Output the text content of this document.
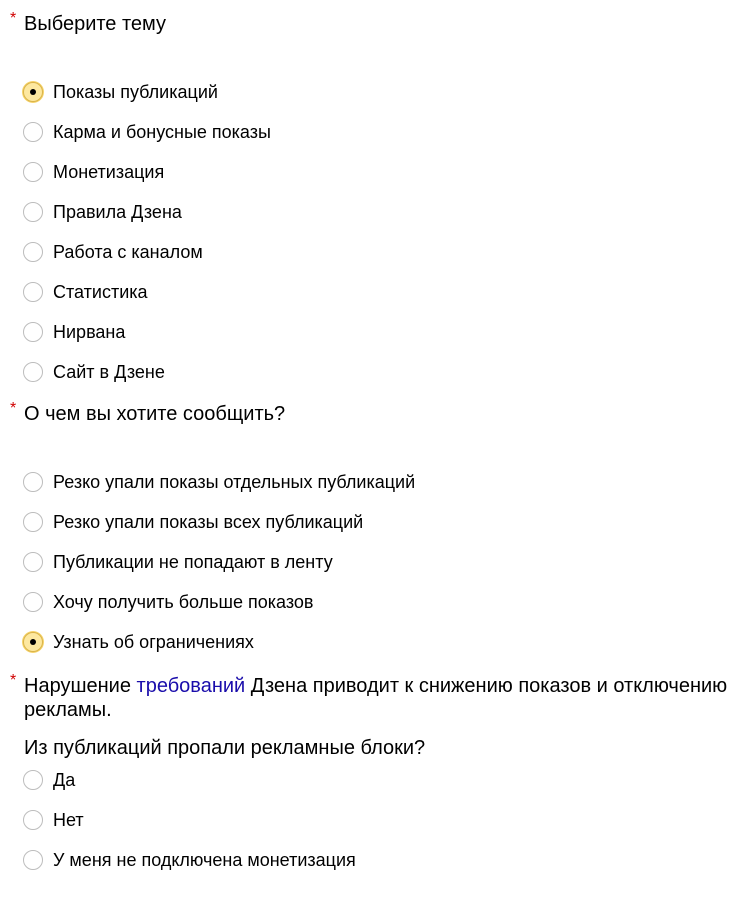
* Выберите тему
Показы публикаций
Карма и бонусные показы
Монетизация
Правила Дзена
Работа с каналом
Статистика
Нирвана
Сайт в Дзене
* О чем вы хотите сообщить?
Резко упали показы отдельных публикаций
Резко упали показы всех публикаций
Публикации не попадают в ленту
Хочу получить больше показов
Узнать об ограничениях
* Нарушение требований Дзена приводит к снижению показов и отключению рекламы.
Из публикаций пропали рекламные блоки?
Да
Нет
У меня не подключена монетизация
